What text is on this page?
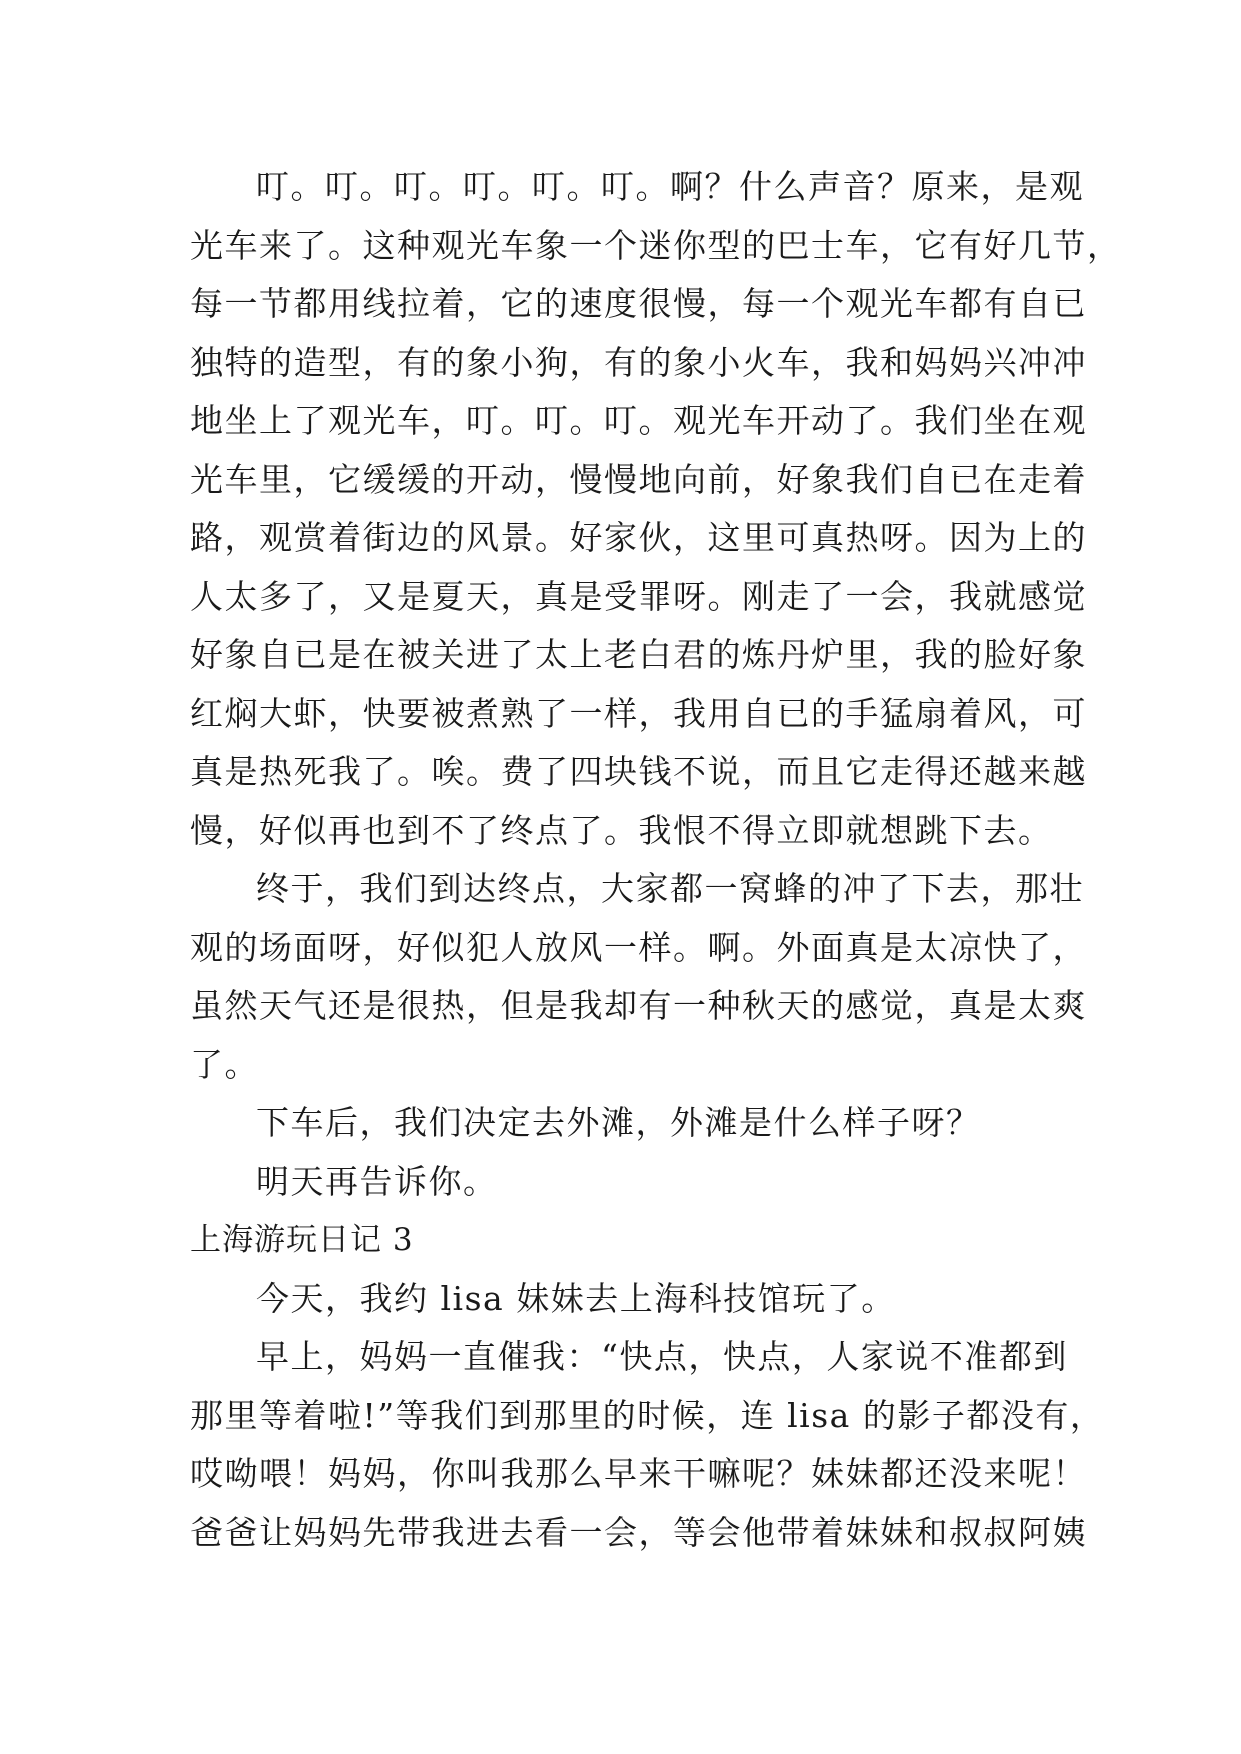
叮。叮。叮。叮。叮。叮。啊？什么声音？原来，是观
光车来了。这种观光车象一个迷你型的巴士车，它有好几节，
每一节都用线拉着，它的速度很慢，每一个观光车都有自已
独特的造型，有的象小狗，有的象小火车，我和妈妈兴冲冲
地坐上了观光车，叮。叮。叮。观光车开动了。我们坐在观
光车里，它缓缓的开动，慢慢地向前，好象我们自已在走着
路，观赏着街边的风景。好家伙，这里可真热呀。因为上的
人太多了，又是夏天，真是受罪呀。刚走了一会，我就感觉
好象自已是在被关进了太上老白君的炼丹炉里，我的脸好象
红焖大虾，快要被煮熟了一样，我用自已的手猛扇着风，可
真是热死我了。唉。费了四块钱不说，而且它走得还越来越
慢，好似再也到不了终点了。我恨不得立即就想跳下去。

终于，我们到达终点，大家都一窝蜂的冲了下去，那壮
观的场面呀，好似犯人放风一样。啊。外面真是太凉快了，
虽然天气还是很热，但是我却有一种秋天的感觉，真是太爽
了。

下车后，我们决定去外滩，外滩是什么样子呀？

明天再告诉你。

上海游玩日记 3

今天，我约 lisa 妹妹去上海科技馆玩了。

早上，妈妈一直催我：“快点，快点，人家说不准都到
那里等着啦!”等我们到那里的时候，连 lisa 的影子都没有，
哎呦喂！妈妈，你叫我那么早来干嘛呢？妹妹都还没来呢！
爸爸让妈妈先带我进去看一会，等会他带着妹妹和叔叔阿姨
